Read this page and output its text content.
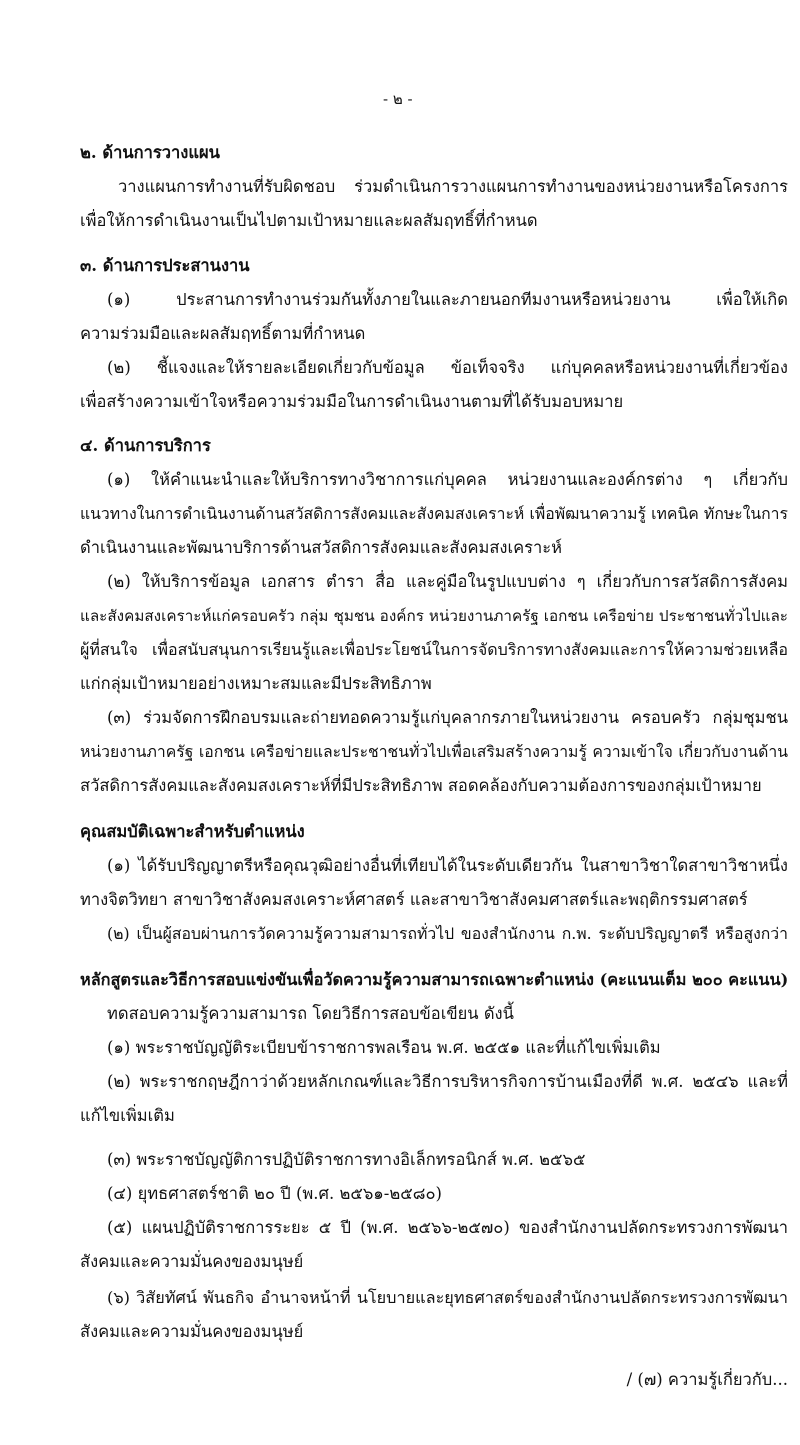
- ๒ -
๒. ด้านการวางแผน
วางแผนการทำงานที่รับผิดชอบ ร่วมดำเนินการวางแผนการทำงานของหน่วยงานหรือโครงการ
เพื่อให้การดำเนินงานเป็นไปตามเป้าหมายและผลสัมฤทธิ์ที่กำหนด
๓. ด้านการประสานงาน
(๑) ประสานการทำงานร่วมกันทั้งภายในและภายนอกทีมงานหรือหน่วยงาน เพื่อให้เกิด
ความร่วมมือและผลสัมฤทธิ์ตามที่กำหนด
(๒) ชี้แจงและให้รายละเอียดเกี่ยวกับข้อมูล ข้อเท็จจริง แก่บุคคลหรือหน่วยงานที่เกี่ยวข้อง
เพื่อสร้างความเข้าใจหรือความร่วมมือในการดำเนินงานตามที่ได้รับมอบหมาย
๔. ด้านการบริการ
(๑) ให้คำแนะนำและให้บริการทางวิชาการแก่บุคคล หน่วยงานและองค์กรต่าง ๆ เกี่ยวกับ
แนวทางในการดำเนินงานด้านสวัสดิการสังคมและสังคมสงเคราะห์ เพื่อพัฒนาความรู้ เทคนิค ทักษะในการ
ดำเนินงานและพัฒนาบริการด้านสวัสดิการสังคมและสังคมสงเคราะห์
(๒) ให้บริการข้อมูล เอกสาร ตำรา สื่อ และคู่มือในรูปแบบต่าง ๆ เกี่ยวกับการสวัสดิการสังคม
และสังคมสงเคราะห์แก่ครอบครัว กลุ่ม ชุมชน องค์กร หน่วยงานภาครัฐ เอกชน เครือข่าย ประชาชนทั่วไปและ
ผู้ที่สนใจ เพื่อสนับสนุนการเรียนรู้และเพื่อประโยชน์ในการจัดบริการทางสังคมและการให้ความช่วยเหลือ
แก่กลุ่มเป้าหมายอย่างเหมาะสมและมีประสิทธิภาพ
(๓) ร่วมจัดการฝึกอบรมและถ่ายทอดความรู้แก่บุคลากรภายในหน่วยงาน ครอบครัว กลุ่มชุมชน
หน่วยงานภาครัฐ เอกชน เครือข่ายและประชาชนทั่วไปเพื่อเสริมสร้างความรู้ ความเข้าใจ เกี่ยวกับงานด้าน
สวัสดิการสังคมและสังคมสงเคราะห์ที่มีประสิทธิภาพ สอดคล้องกับความต้องการของกลุ่มเป้าหมาย
คุณสมบัติเฉพาะสำหรับตำแหน่ง
(๑) ได้รับปริญญาตรีหรือคุณวุฒิอย่างอื่นที่เทียบได้ในระดับเดียวกัน ในสาขาวิชาใดสาขาวิชาหนึ่ง
ทางจิตวิทยา สาขาวิชาสังคมสงเคราะห์ศาสตร์ และสาขาวิชาสังคมศาสตร์และพฤติกรรมศาสตร์
(๒) เป็นผู้สอบผ่านการวัดความรู้ความสามารถทั่วไป ของสำนักงาน ก.พ. ระดับปริญญาตรี หรือสูงกว่า
หลักสูตรและวิธีการสอบแข่งขันเพื่อวัดความรู้ความสามารถเฉพาะตำแหน่ง (คะแนนเต็ม ๒๐๐ คะแนน)
ทดสอบความรู้ความสามารถ โดยวิธีการสอบข้อเขียน ดังนี้
(๑) พระราชบัญญัติระเบียบข้าราชการพลเรือน พ.ศ. ๒๕๕๑ และที่แก้ไขเพิ่มเติม
(๒) พระราชกฤษฎีกาว่าด้วยหลักเกณฑ์และวิธีการบริหารกิจการบ้านเมืองที่ดี พ.ศ. ๒๕๔๖ และที่
แก้ไขเพิ่มเติม
(๓) พระราชบัญญัติการปฏิบัติราชการทางอิเล็กทรอนิกส์ พ.ศ. ๒๕๖๕
(๔) ยุทธศาสตร์ชาติ ๒๐ ปี (พ.ศ. ๒๕๖๑-๒๕๘๐)
(๕) แผนปฏิบัติราชการระยะ ๕ ปี (พ.ศ. ๒๕๖๖-๒๕๗๐) ของสำนักงานปลัดกระทรวงการพัฒนา
สังคมและความมั่นคงของมนุษย์
(๖) วิสัยทัศน์ พันธกิจ อำนาจหน้าที่ นโยบายและยุทธศาสตร์ของสำนักงานปลัดกระทรวงการพัฒนา
สังคมและความมั่นคงของมนุษย์
/ (๗) ความรู้เกี่ยวกับ...
